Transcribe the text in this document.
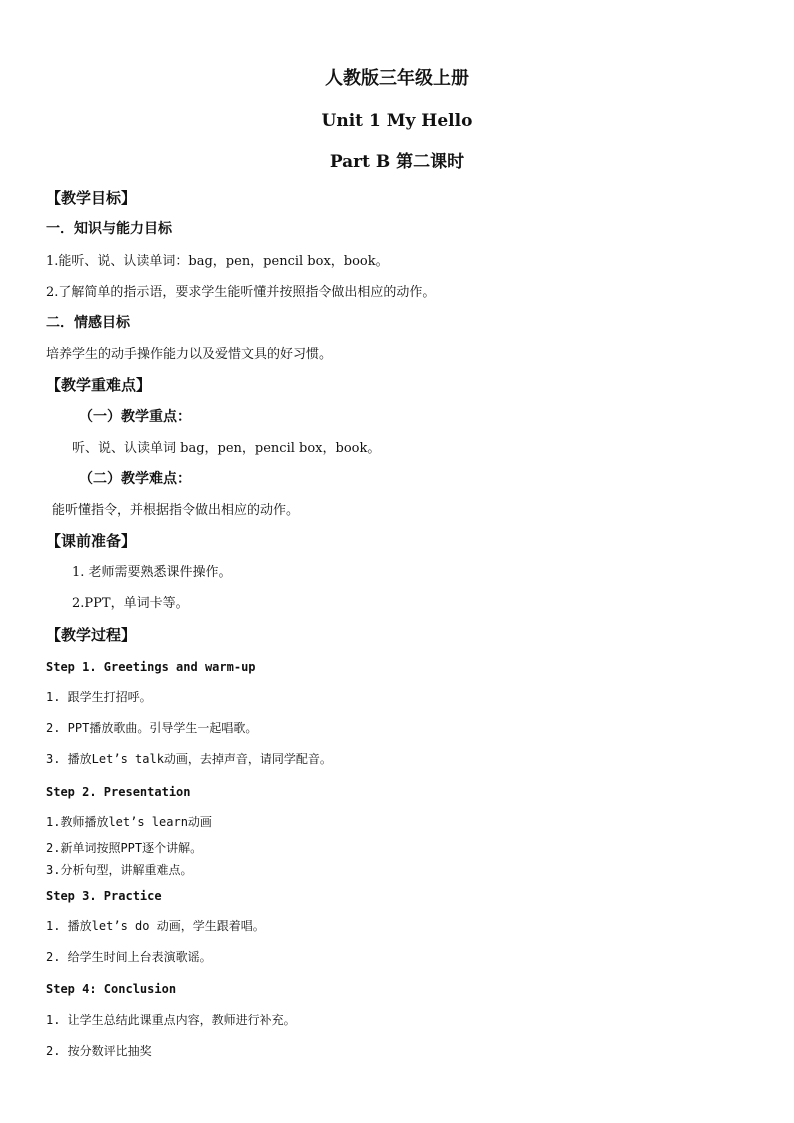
人教版三年级上册
Unit 1 My Hello
Part B 第二课时
【教学目标】
一．知识与能力目标
1.能听、说、认读单词：bag，pen，pencil box，book。
2.了解简单的指示语，要求学生能听懂并按照指令做出相应的动作。
二．情感目标
培养学生的动手操作能力以及爱惜文具的好习惯。
【教学重难点】
（一）教学重点：
听、说、认读单词 bag，pen，pencil box，book。
（二）教学难点：
能听懂指令，并根据指令做出相应的动作。
【课前准备】
1. 老师需要熟悉课件操作。
2.PPT，单词卡等。
【教学过程】
Step 1. Greetings and warm-up
1. 跟学生打招呼。
2. PPT播放歌曲。引导学生一起唱歌。
3. 播放Let’s talk动画，去掉声音，请同学配音。
Step 2. Presentation
1.教师播放let’s learn动画
2.新单词按照PPT逐个讲解。
3.分析句型，讲解重难点。
Step 3. Practice
1. 播放let’s do 动画，学生跟着唱。
2. 给学生时间上台表演歌谣。
Step 4: Conclusion
1. 让学生总结此课重点内容，教师进行补充。
2. 按分数评比抽奖
